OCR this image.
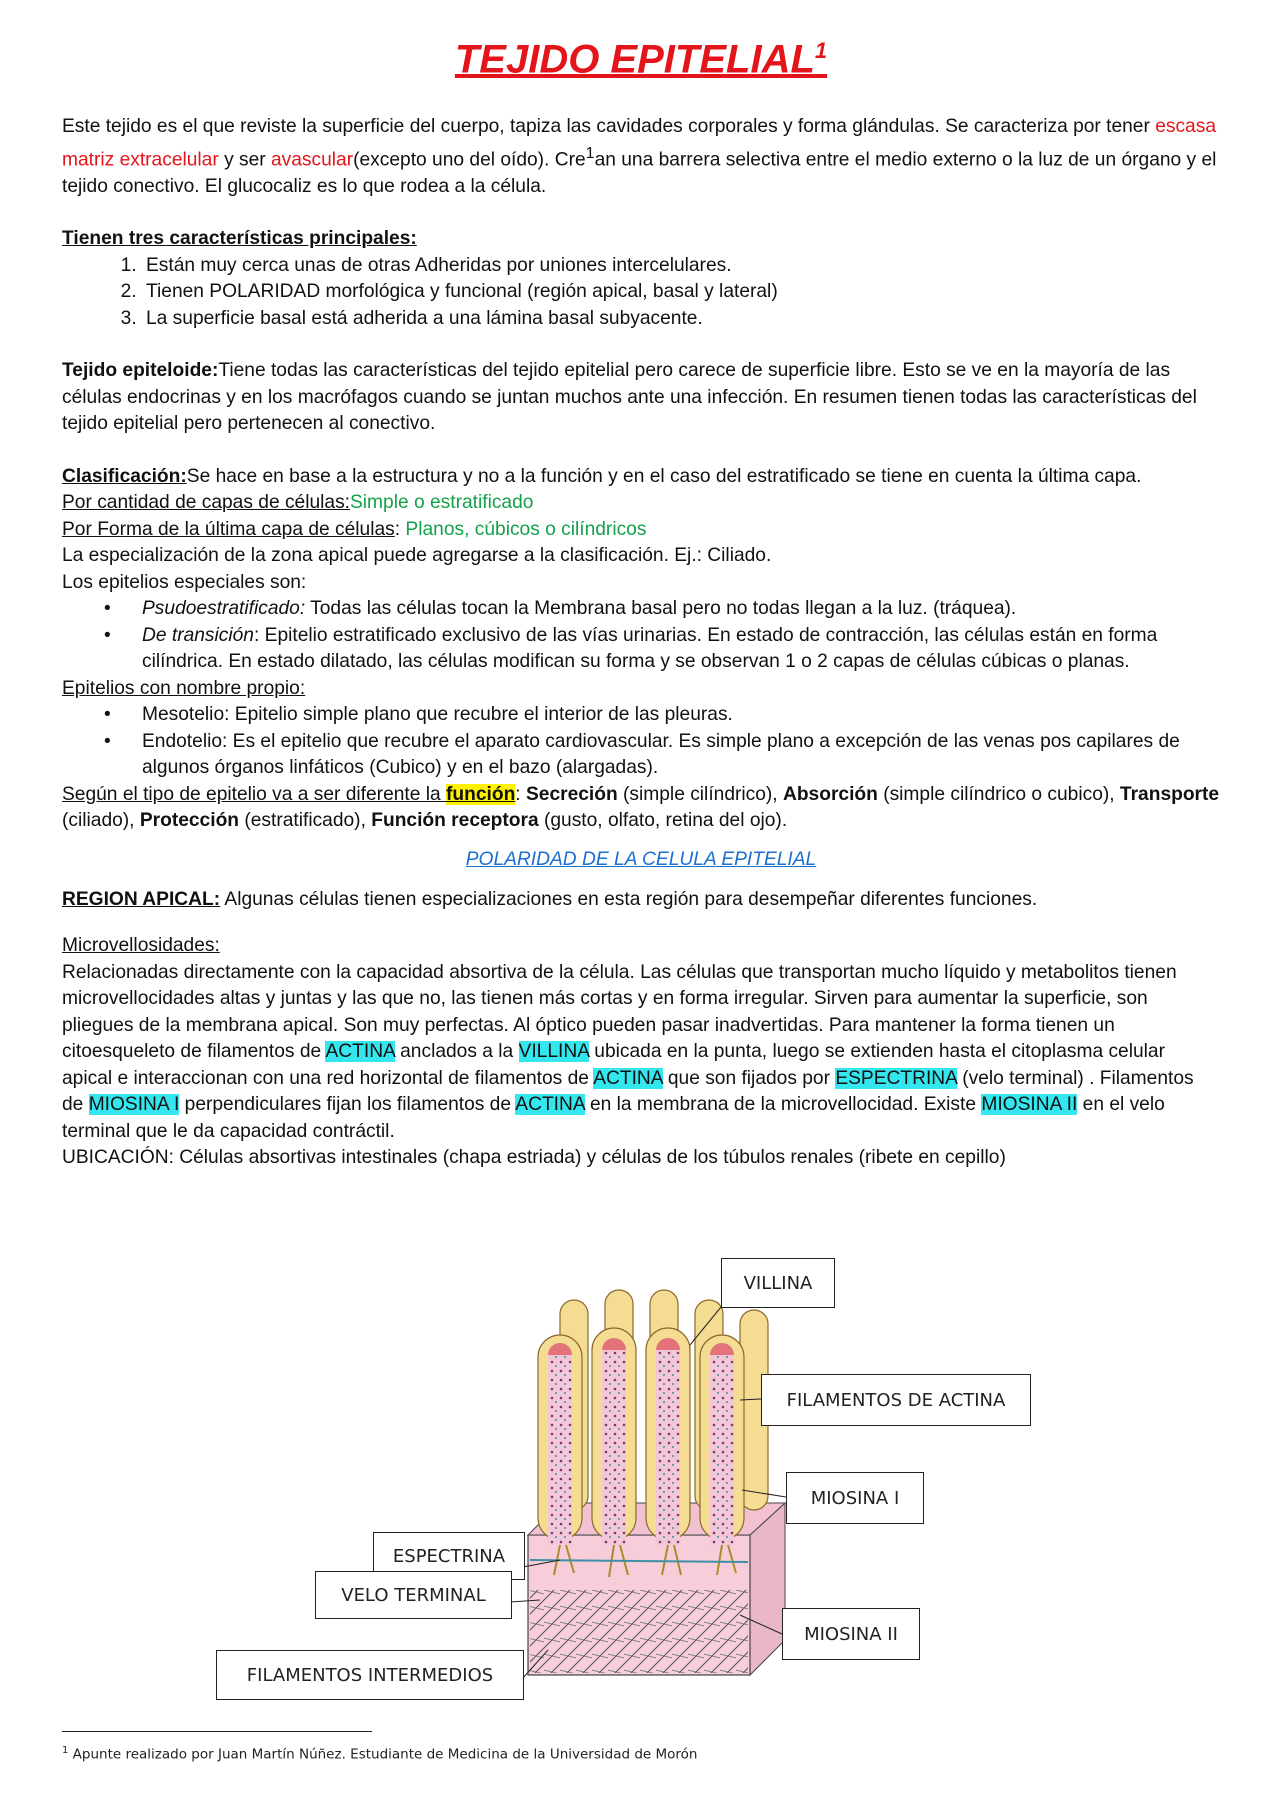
TEJIDO EPITELIAL$^1$

Este tejido es el que reviste la superficie del cuerpo, tapiza las cavidades corporales y forma glándulas. Se caracteriza por tener escasa matriz extracelular y ser avascular(excepto uno del oído). Cre$^1$an una barrera selectiva entre el medio externo o la luz de un órgano y el tejido conectivo. El glucocaliz es lo que rodea a la célula.

Tienen tres características principales:

1. Están muy cerca unas de otras Adheridas por uniones intercelulares.
2. Tienen POLARIDAD morfológica y funcional (región apical, basal y lateral)
3. La superficie basal está adherida a una lámina basal subyacente.

Tejido epiteloide:Tiene todas las características del tejido epitelial pero carece de superficie libre. Esto se ve en la mayoría de las células endocrinas y en los macrófagos cuando se juntan muchos ante una infección. En resumen tienen todas las características del tejido epitelial pero pertenecen al conectivo.

Clasificación:Se hace en base a la estructura y no a la función y en el caso del estratificado se tiene en cuenta la última capa.

Por cantidad de capas de células:Simple o estratificado

Por Forma de la última capa de células: Planos, cúbicos o cilíndricos

La especialización de la zona apical puede agregarse a la clasificación. Ej.: Ciliado.

Los epitelios especiales son:

• Psudoestratificado: Todas las células tocan la Membrana basal pero no todas llegan a la luz. (tráquea).
• De transición: Epitelio estratificado exclusivo de las vías urinarias. En estado de contracción, las células están en forma cilíndrica. En estado dilatado, las células modifican su forma y se observan 1 o 2 capas de células cúbicas o planas.

Epitelios con nombre propio:

• Mesotelio: Epitelio simple plano que recubre el interior de las pleuras.
• Endotelio: Es el epitelio que recubre el aparato cardiovascular. Es simple plano a excepción de las venas pos capilares de algunos órganos linfáticos (Cubico) y en el bazo (alargadas).

Según el tipo de epitelio va a ser diferente la función: Secreción (simple cilíndrico), Absorción (simple cilíndrico o cubico), Transporte (ciliado), Protección (estratificado), Función receptora (gusto, olfato, retina del ojo).

POLARIDAD DE LA CELULA EPITELIAL

REGION APICAL: Algunas células tienen especializaciones en esta región para desempeñar diferentes funciones.

Microvellosidades:

Relacionadas directamente con la capacidad absortiva de la célula. Las células que transportan mucho líquido y metabolitos tienen microvellocidades altas y juntas y las que no, las tienen más cortas y en forma irregular. Sirven para aumentar la superficie, son pliegues de la membrana apical. Son muy perfectas. Al óptico pueden pasar inadvertidas. Para mantener la forma tienen un citoesqueleto de filamentos de ACTINA anclados a la VILLINA ubicada en la punta, luego se extienden hasta el citoplasma celular apical e interaccionan con una red horizontal de filamentos de ACTINA que son fijados por ESPECTRINA (velo terminal) . Filamentos de MIOSINA I perpendiculares fijan los filamentos de ACTINA en la membrana de la microvellocidad. Existe MIOSINA II en el velo terminal que le da capacidad contráctil.

UBICACIÓN: Células absortivas intestinales (chapa estriada) y células de los túbulos renales (ribete en cepillo)

VILLINA
FILAMENTOS DE ACTINA
MIOSINA I
ESPECTRINA
VELO TERMINAL
MIOSINA II
FILAMENTOS INTERMEDIOS
$^1$ Apunte realizado por Juan Martín Núñez. Estudiante de Medicina de la Universidad de Morón
